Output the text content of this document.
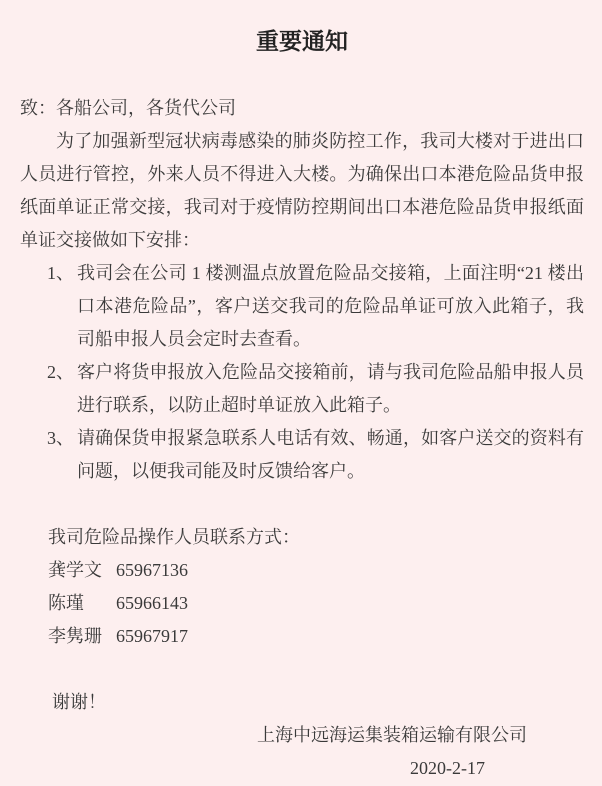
重要通知
致：各船公司，各货代公司
为了加强新型冠状病毒感染的肺炎防控工作，我司大楼对于进出口人员进行管控，外来人员不得进入大楼。为确保出口本港危险品货申报纸面单证正常交接，我司对于疫情防控期间出口本港危险品货申报纸面单证交接做如下安排：
1、 我司会在公司 1 楼测温点放置危险品交接箱，上面注明“21 楼出口本港危险品”，客户送交我司的危险品单证可放入此箱子，我司船申报人员会定时去查看。
2、 客户将货申报放入危险品交接箱前，请与我司危险品船申报人员进行联系，以防止超时单证放入此箱子。
3、 请确保货申报紧急联系人电话有效、畅通，如客户送交的资料有问题，以便我司能及时反馈给客户。
我司危险品操作人员联系方式：
龚学文 65967136
陈瑾	65966143
李隽珊 65967917
谢谢！
上海中远海运集装箱运输有限公司
2020-2-17
